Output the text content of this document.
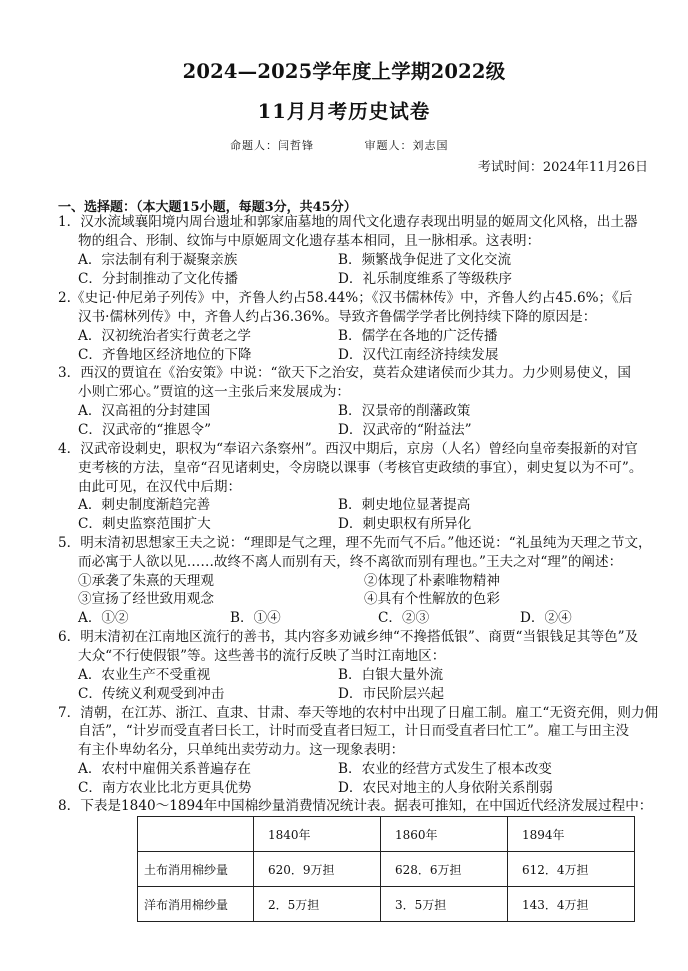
2024—2025学年度上学期2022级
11月月考历史试卷
命题人：闫哲锋	审题人：刘志国
考试时间：2024年11月26日
一、选择题：（本大题15小题，每题3分，共45分）
1．汉水流域襄阳境内周台遗址和郭家庙墓地的周代文化遗存表现出明显的姬周文化风格，出土器
物的组合、形制、纹饰与中原姬周文化遗存基本相同，且一脉相承。这表明：
A．宗法制有利于凝聚亲族	B．频繁战争促进了文化交流
C．分封制推动了文化传播	D．礼乐制度维系了等级秩序
2.《史记·仲尼弟子列传》中，齐鲁人约占58.44%；《汉书儒林传》中，齐鲁人约占45.6%；《后
汉书·儒林列传》中，齐鲁人约占36.36%。导致齐鲁儒学学者比例持续下降的原因是：
A．汉初统治者实行黄老之学	B．儒学在各地的广泛传播
C．齐鲁地区经济地位的下降	D．汉代江南经济持续发展
3．西汉的贾谊在《治安策》中说：“欲天下之治安，莫若众建诸侯而少其力。力少则易使义，国
小则亡邪心。”贾谊的这一主张后来发展成为：
A．汉高祖的分封建国	B．汉景帝的削藩政策
C．汉武帝的“推恩令”	D．汉武帝的“附益法”
4．汉武帝设刺史，职权为“奉诏六条察州”。西汉中期后，京房（人名）曾经向皇帝奏报新的对官
吏考核的方法，皇帝“召见诸刺史，令房晓以课事（考核官吏政绩的事宜），刺史复以为不可”。
由此可见，在汉代中后期：
A．刺史制度渐趋完善	B．刺史地位显著提高
C．刺史监察范围扩大	D．刺史职权有所异化
5．明末清初思想家王夫之说：“理即是气之理，理不先而气不后。”他还说：“礼虽纯为天理之节文，
而必寓于人欲以见……故终不离人而别有天，终不离欲而别有理也。”王夫之对“理”的阐述：
①承袭了朱熹的天理观	②体现了朴素唯物精神
③宣扬了经世致用观念	④具有个性解放的色彩
A．①②	B．①④	C．②③	D．②④
6．明末清初在江南地区流行的善书，其内容多劝诫乡绅“不搀搭低银”、商贾“当银钱足其等色”及
大众“不行使假银”等。这些善书的流行反映了当时江南地区：
A．农业生产不受重视	B．白银大量外流
C．传统义利观受到冲击	D．市民阶层兴起
7．清朝，在江苏、浙江、直隶、甘肃、奉天等地的农村中出现了日雇工制。雇工“无资充佣，则力佣
自活”，“计岁而受直者曰长工，计时而受直者曰短工，计日而受直者曰忙工”。雇工与田主没
有主仆卑幼名分，只单纯出卖劳动力。这一现象表明：
A．农村中雇佣关系普遍存在	B．农业的经营方式发生了根本改变
C．南方农业比北方更具优势	D．农民对地主的人身依附关系削弱
8．下表是1840～1894年中国棉纱量消费情况统计表。据表可推知，在中国近代经济发展过程中：
	1840年	1860年	1894年
土布消用棉纱量	620．9万担	628．6万担	612．4万担
洋布消用棉纱量	2．5万担	3．5万担	143．4万担
